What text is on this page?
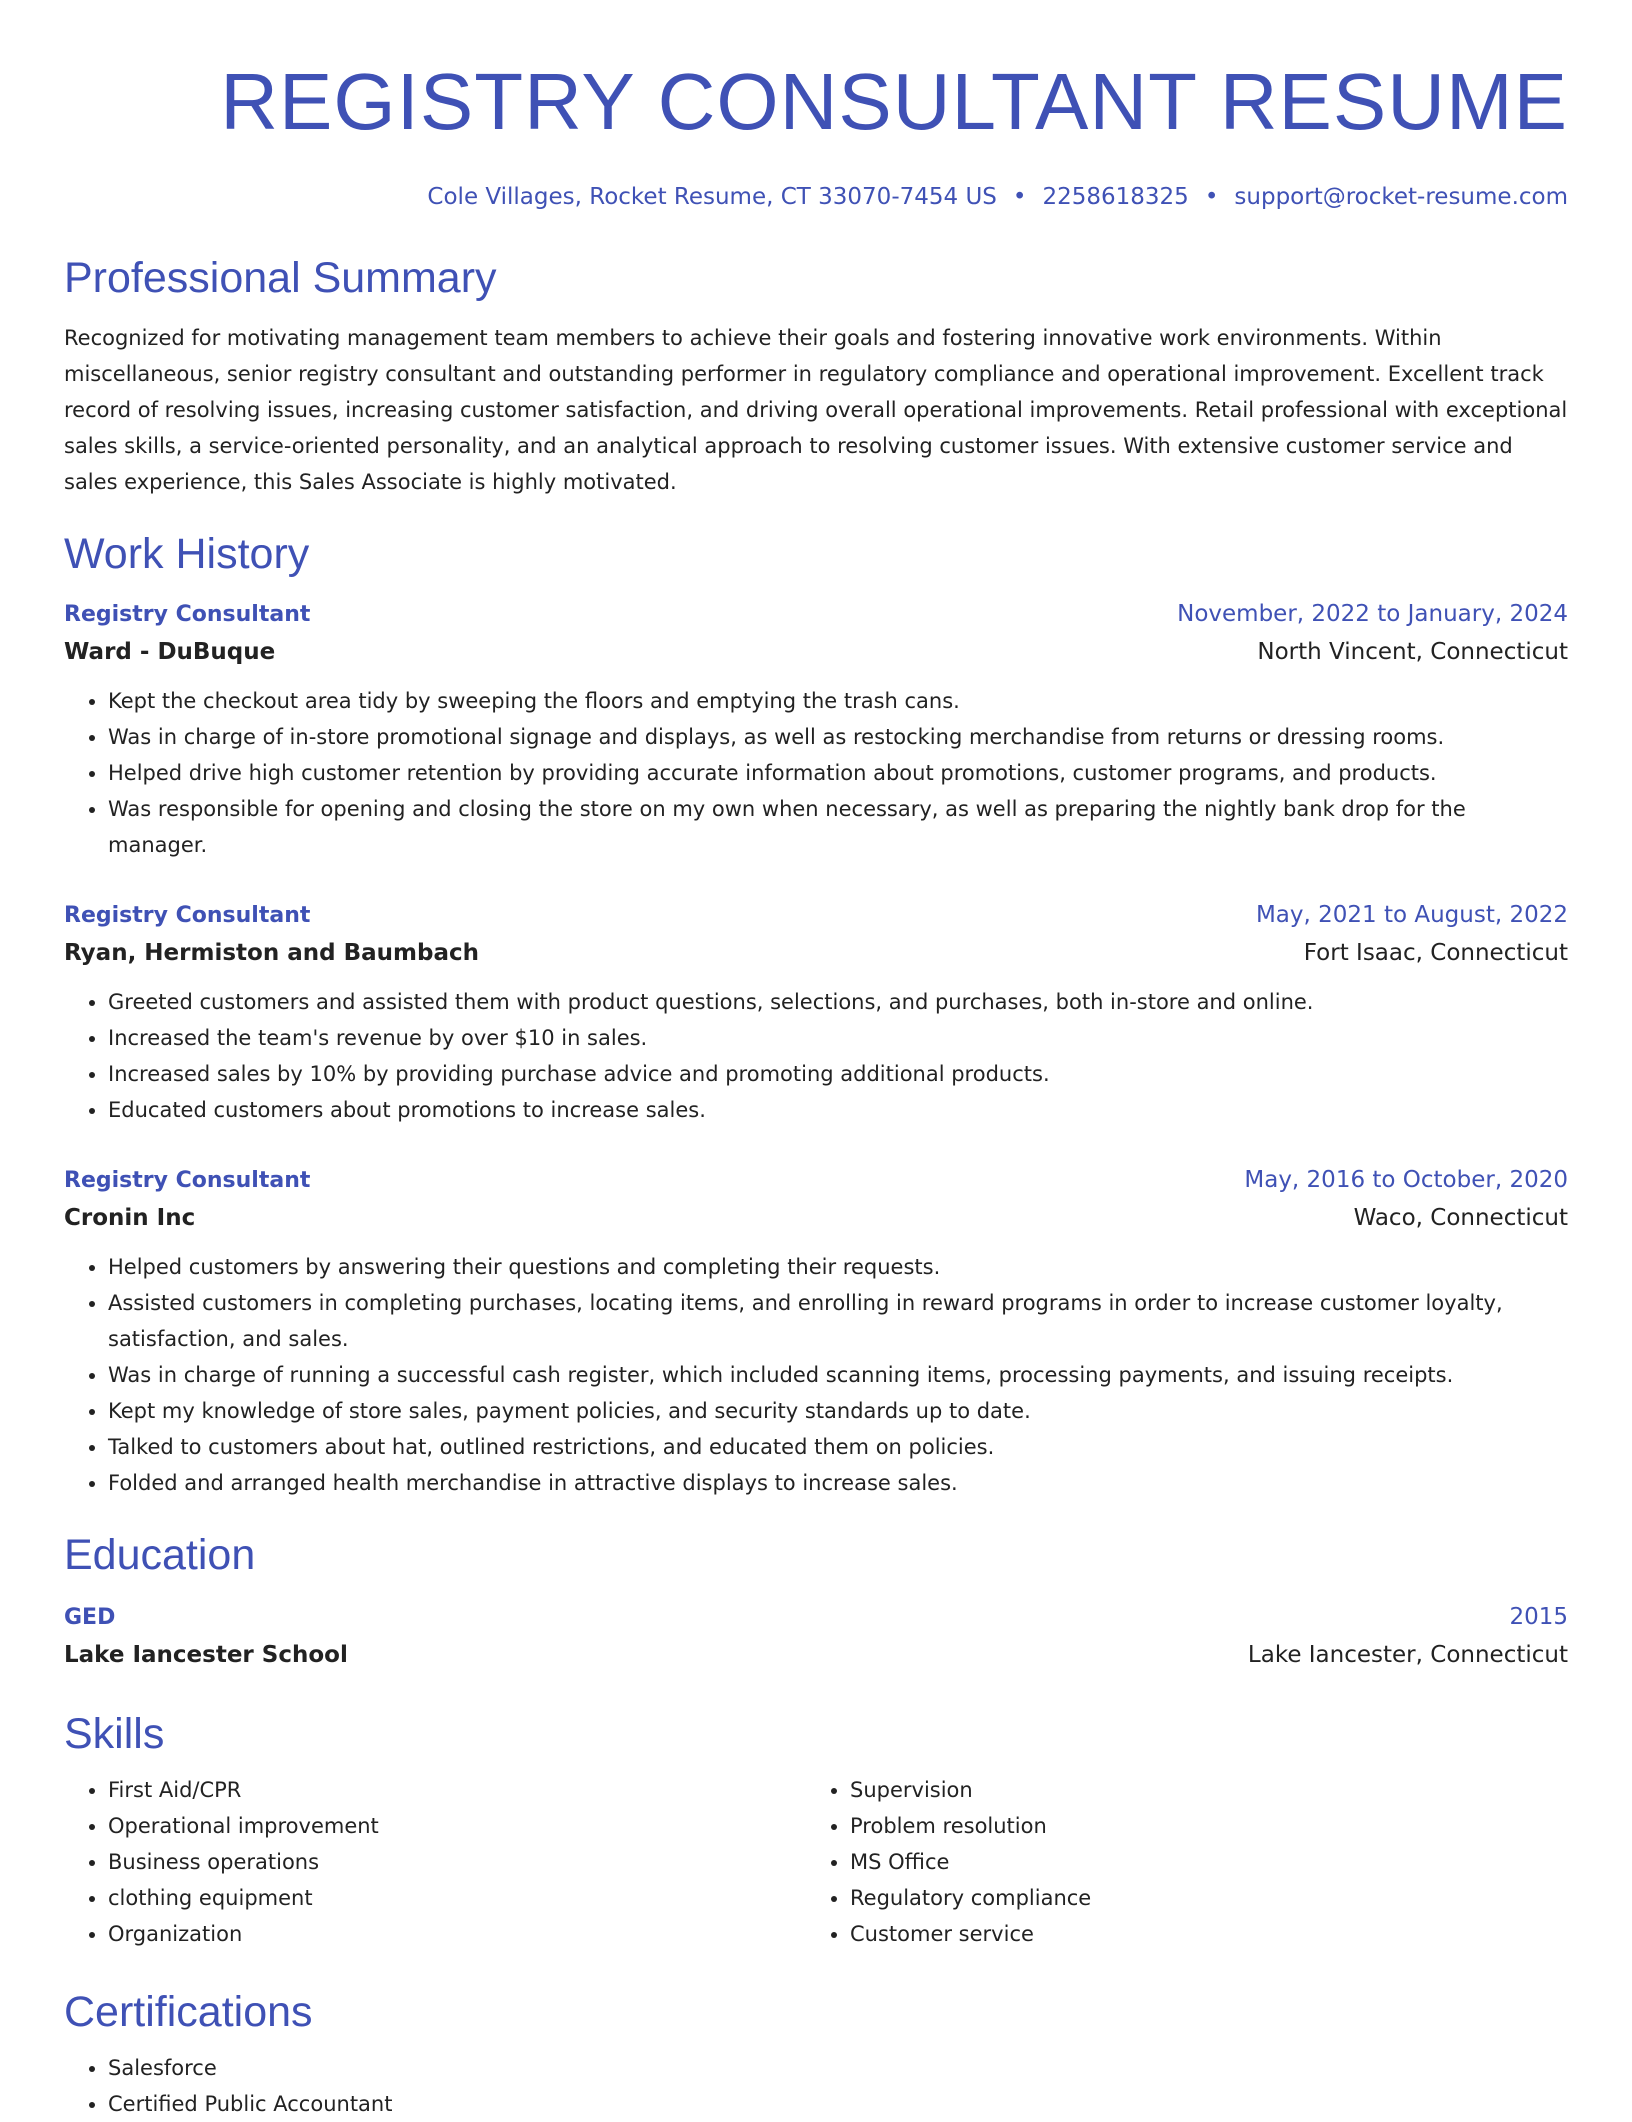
REGISTRY CONSULTANT RESUME
Cole Villages, Rocket Resume, CT 33070-7454 US • 2258618325 • support@rocket-resume.com
Professional Summary
Recognized for motivating management team members to achieve their goals and fostering innovative work environments. Within miscellaneous, senior registry consultant and outstanding performer in regulatory compliance and operational improvement. Excellent track record of resolving issues, increasing customer satisfaction, and driving overall operational improvements. Retail professional with exceptional sales skills, a service-oriented personality, and an analytical approach to resolving customer issues. With extensive customer service and sales experience, this Sales Associate is highly motivated.
Work History
Registry Consultant	November, 2022 to January, 2024
Ward - DuBuque	North Vincent, Connecticut
• Kept the checkout area tidy by sweeping the floors and emptying the trash cans.
• Was in charge of in-store promotional signage and displays, as well as restocking merchandise from returns or dressing rooms.
• Helped drive high customer retention by providing accurate information about promotions, customer programs, and products.
• Was responsible for opening and closing the store on my own when necessary, as well as preparing the nightly bank drop for the manager.
Registry Consultant	May, 2021 to August, 2022
Ryan, Hermiston and Baumbach	Fort Isaac, Connecticut
• Greeted customers and assisted them with product questions, selections, and purchases, both in-store and online.
• Increased the team's revenue by over $10 in sales.
• Increased sales by 10% by providing purchase advice and promoting additional products.
• Educated customers about promotions to increase sales.
Registry Consultant	May, 2016 to October, 2020
Cronin Inc	Waco, Connecticut
• Helped customers by answering their questions and completing their requests.
• Assisted customers in completing purchases, locating items, and enrolling in reward programs in order to increase customer loyalty, satisfaction, and sales.
• Was in charge of running a successful cash register, which included scanning items, processing payments, and issuing receipts.
• Kept my knowledge of store sales, payment policies, and security standards up to date.
• Talked to customers about hat, outlined restrictions, and educated them on policies.
• Folded and arranged health merchandise in attractive displays to increase sales.
Education
GED	2015
Lake Iancester School	Lake Iancester, Connecticut
Skills
• First Aid/CPR
• Operational improvement
• Business operations
• clothing equipment
• Organization
• Supervision
• Problem resolution
• MS Office
• Regulatory compliance
• Customer service
Certifications
• Salesforce
• Certified Public Accountant
